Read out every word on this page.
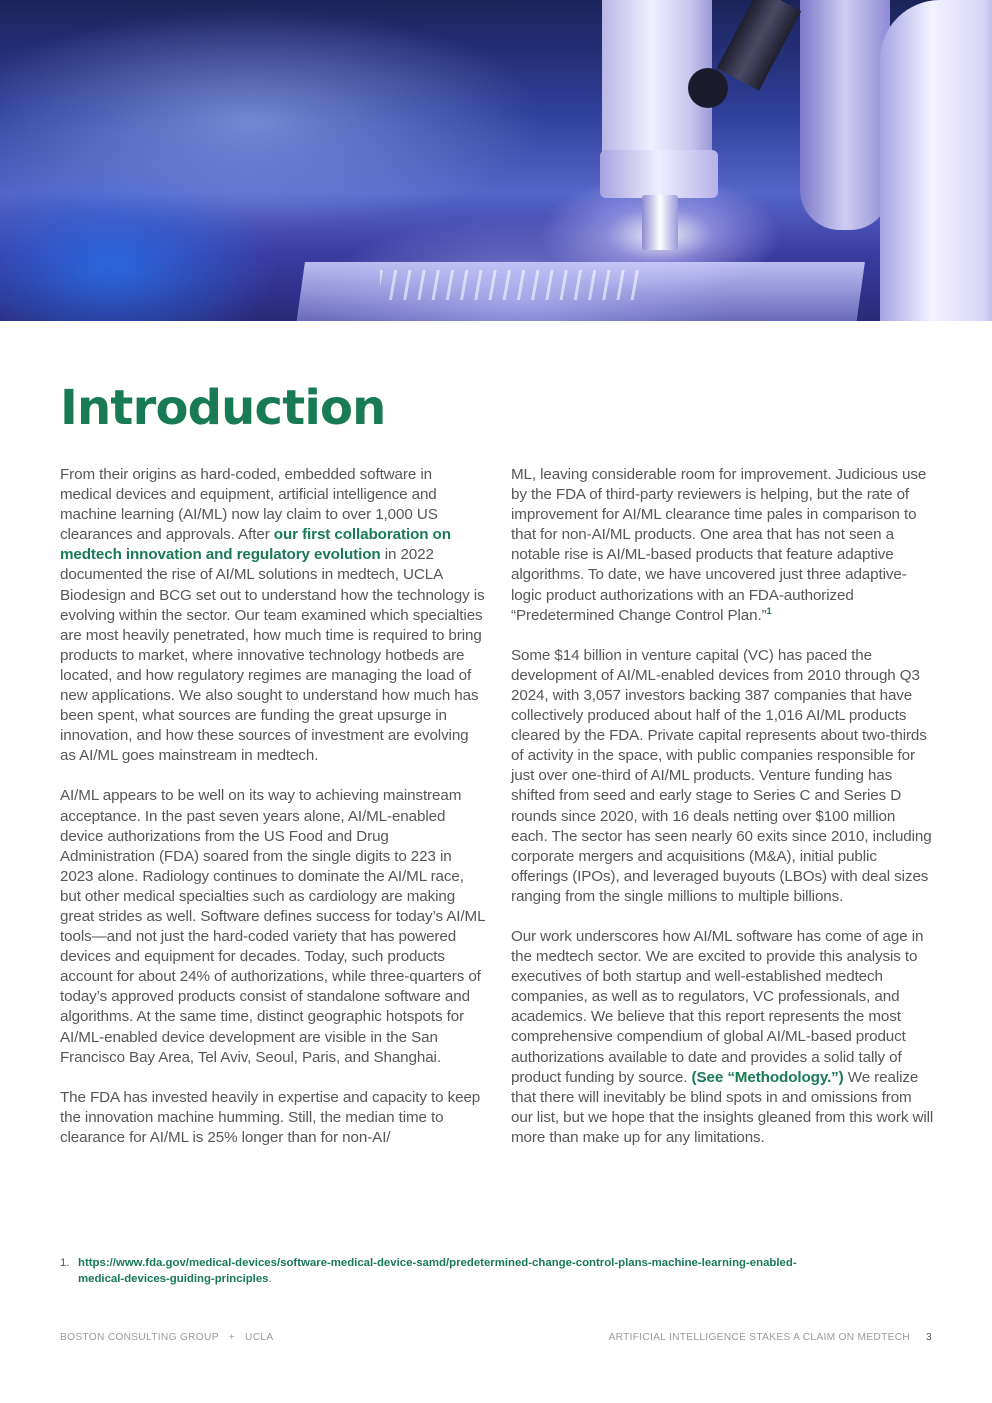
Introduction

From their origins as hard-coded, embedded software in medical devices and equipment, artificial intelligence and machine learning (AI/ML) now lay claim to over 1,000 US clearances and approvals. After our first collaboration on medtech innovation and regulatory evolution in 2022 documented the rise of AI/ML solutions in medtech, UCLA Biodesign and BCG set out to understand how the technology is evolving within the sector. Our team examined which specialties are most heavily penetrated, how much time is required to bring products to market, where innovative technology hotbeds are located, and how regulatory regimes are managing the load of new applications. We also sought to understand how much has been spent, what sources are funding the great upsurge in innovation, and how these sources of investment are evolving as AI/ML goes mainstream in medtech.

AI/ML appears to be well on its way to achieving mainstream acceptance. In the past seven years alone, AI/ML-enabled device authorizations from the US Food and Drug Administration (FDA) soared from the single digits to 223 in 2023 alone. Radiology continues to dominate the AI/ML race, but other medical specialties such as cardiology are making great strides as well. Software defines success for today’s AI/ML tools—and not just the hard-coded variety that has powered devices and equipment for decades. Today, such products account for about 24% of authorizations, while three-quarters of today’s approved products consist of standalone software and algorithms. At the same time, distinct geographic hotspots for AI/ML-enabled device development are visible in the San Francisco Bay Area, Tel Aviv, Seoul, Paris, and Shanghai.

The FDA has invested heavily in expertise and capacity to keep the innovation machine humming. Still, the median time to clearance for AI/ML is 25% longer than for non-AI/

ML, leaving considerable room for improvement. Judicious use by the FDA of third-party reviewers is helping, but the rate of improvement for AI/ML clearance time pales in comparison to that for non-AI/ML products. One area that has not seen a notable rise is AI/ML-based products that feature adaptive algorithms. To date, we have uncovered just three adaptive-logic product authorizations with an FDA-authorized “Predetermined Change Control Plan.”$^1$

Some $14 billion in venture capital (VC) has paced the development of AI/ML-enabled devices from 2010 through Q3 2024, with 3,057 investors backing 387 companies that have collectively produced about half of the 1,016 AI/ML products cleared by the FDA. Private capital represents about two-thirds of activity in the space, with public companies responsible for just over one-third of AI/ML products. Venture funding has shifted from seed and early stage to Series C and Series D rounds since 2020, with 16 deals netting over $100 million each. The sector has seen nearly 60 exits since 2010, including corporate mergers and acquisitions (M&A), initial public offerings (IPOs), and leveraged buyouts (LBOs) with deal sizes ranging from the single millions to multiple billions.

Our work underscores how AI/ML software has come of age in the medtech sector. We are excited to provide this analysis to executives of both startup and well-established medtech companies, as well as to regulators, VC professionals, and academics. We believe that this report represents the most comprehensive compendium of global AI/ML-based product authorizations available to date and provides a solid tally of product funding by source. (See “Methodology.”) We realize that there will inevitably be blind spots in and omissions from our list, but we hope that the insights gleaned from this work will more than make up for any limitations.

1. https://www.fda.gov/medical-devices/software-medical-device-samd/predetermined-change-control-plans-machine-learning-enabled-
medical-devices-guiding-principles.
BOSTON CONSULTING GROUP + UCLA	ARTIFICIAL INTELLIGENCE STAKES A CLAIM ON MEDTECH 3
